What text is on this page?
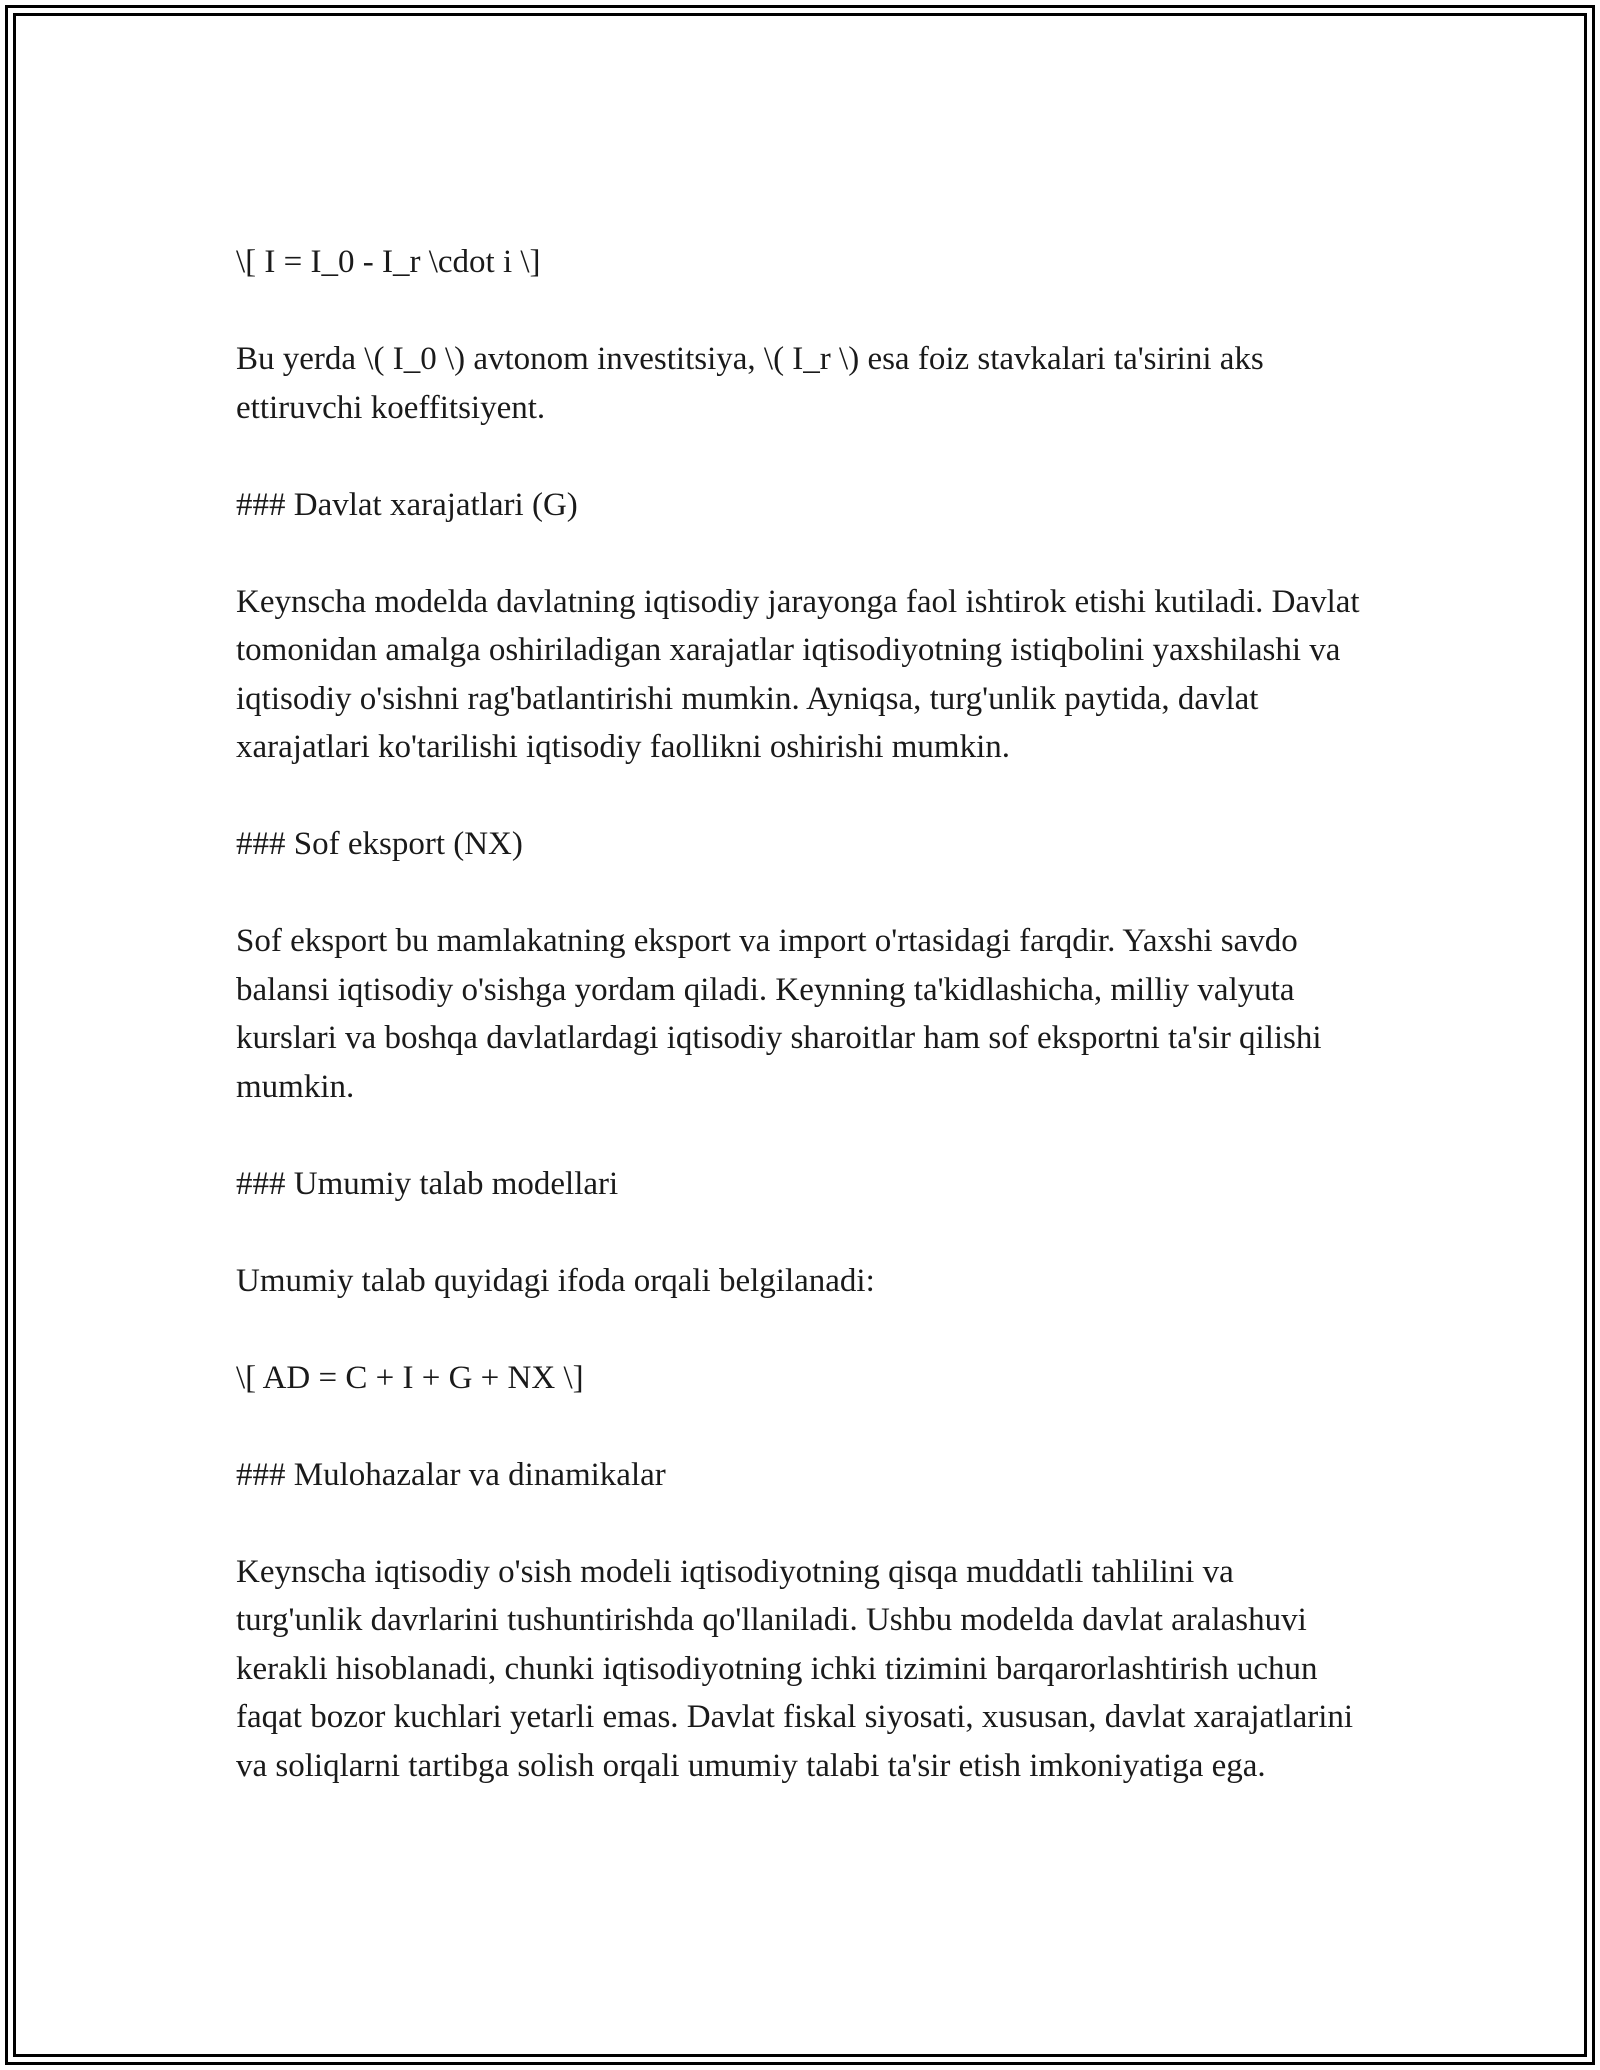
\[ I = I_0 - I_r \cdot i \]

Bu yerda \( I_0 \) avtonom investitsiya, \( I_r \) esa foiz stavkalari ta'sirini aks ettiruvchi koeffitsiyent.

### Davlat xarajatlari (G)

Keynscha modelda davlatning iqtisodiy jarayonga faol ishtirok etishi kutiladi. Davlat tomonidan amalga oshiriladigan xarajatlar iqtisodiyotning istiqbolini yaxshilashi va iqtisodiy o'sishni rag'batlantirishi mumkin. Ayniqsa, turg'unlik paytida, davlat xarajatlari ko'tarilishi iqtisodiy faollikni oshirishi mumkin.

### Sof eksport (NX)

Sof eksport bu mamlakatning eksport va import o'rtasidagi farqdir. Yaxshi savdo balansi iqtisodiy o'sishga yordam qiladi. Keynning ta'kidlashicha, milliy valyuta kurslari va boshqa davlatlardagi iqtisodiy sharoitlar ham sof eksportni ta'sir qilishi mumkin.

### Umumiy talab modellari

Umumiy talab quyidagi ifoda orqali belgilanadi:

\[ AD = C + I + G + NX \]

### Mulohazalar va dinamikalar

Keynscha iqtisodiy o'sish modeli iqtisodiyotning qisqa muddatli tahlilini va turg'unlik davrlarini tushuntirishda qo'llaniladi. Ushbu modelda davlat aralashuvi kerakli hisoblanadi, chunki iqtisodiyotning ichki tizimini barqarorlashtirish uchun faqat bozor kuchlari yetarli emas. Davlat fiskal siyosati, xususan, davlat xarajatlarini va soliqlarni tartibga solish orqali umumiy talabi ta'sir etish imkoniyatiga ega.
